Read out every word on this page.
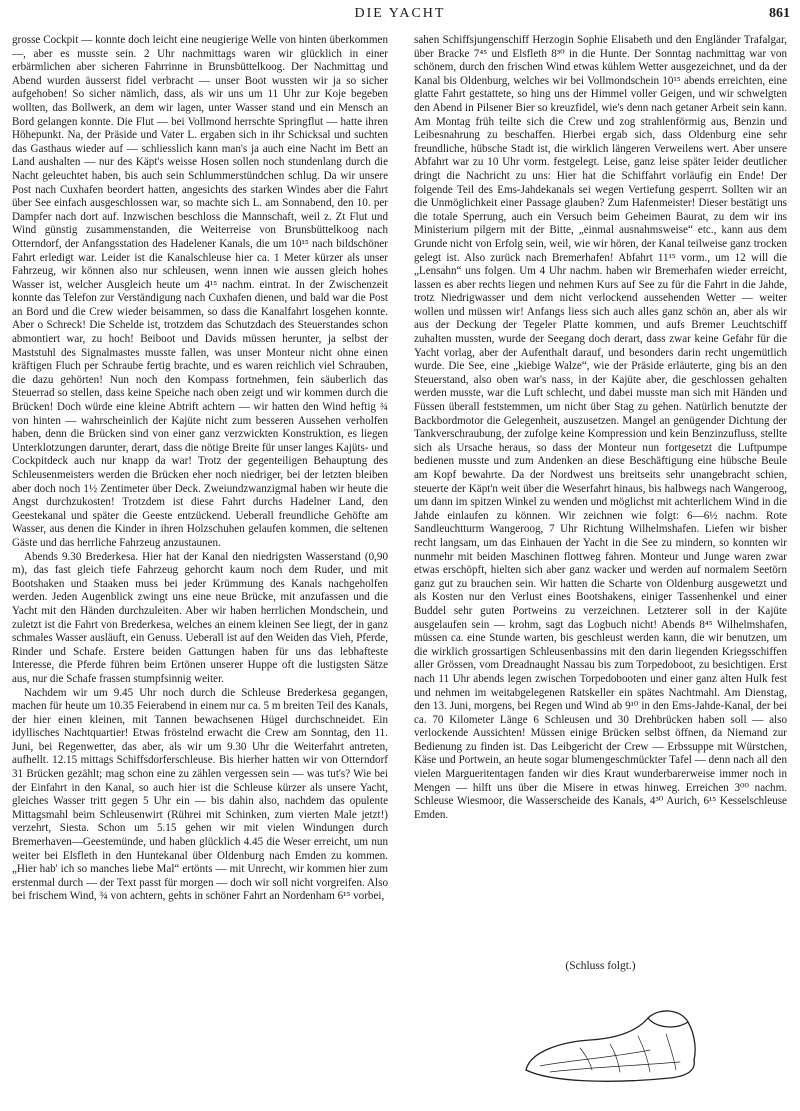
DIE YACHT	861

grosse Cockpit — konnte doch leicht eine neugierige Welle von hinten überkommen —, aber es musste sein. 2 Uhr nachmittags waren wir glücklich in einer erbärmlichen aber sicheren Fahrrinne in Brunsbüttelkoog. Der Nachmittag und Abend wurden äusserst fidel verbracht — unser Boot wussten wir ja so sicher aufgehoben! So sicher nämlich, dass, als wir uns um 11 Uhr zur Koje begeben wollten, das Bollwerk, an dem wir lagen, unter Wasser stand und ein Mensch an Bord gelangen konnte. Die Flut — bei Vollmond herrschte Springflut — hatte ihren Höhepunkt. Na, der Präside und Vater L. ergaben sich in ihr Schicksal und suchten das Gasthaus wieder auf — schliesslich kann man's ja auch eine Nacht im Bett an Land aushalten — nur des Käpt's weisse Hosen sollen noch stundenlang durch die Nacht geleuchtet haben, bis auch sein Schlummerstündchen schlug. Da wir unsere Post nach Cuxhafen beordert hatten, angesichts des starken Windes aber die Fahrt über See einfach ausgeschlossen war, so machte sich L. am Sonnabend, den 10. per Dampfer nach dort auf. Inzwischen beschloss die Mannschaft, weil z. Zt Flut und Wind günstig zusammenstanden, die Weiterreise von Brunsbüttelkoog nach Otterndorf, der Anfangsstation des Hadelener Kanals, die um 10¹⁵ nach bildschöner Fahrt erledigt war. Leider ist die Kanalschleuse hier ca. 1 Meter kürzer als unser Fahrzeug, wir können also nur schleusen, wenn innen wie aussen gleich hohes Wasser ist, welcher Ausgleich heute um 4¹⁵ nachm. eintrat. In der Zwischenzeit konnte das Telefon zur Verständigung nach Cuxhafen dienen, und bald war die Post an Bord und die Crew wieder beisammen, so dass die Kanalfahrt losgehen konnte. Aber o Schreck! Die Schelde ist, trotzdem das Schutzdach des Steuerstandes schon abmontiert war, zu hoch! Beiboot und Davids müssen herunter, ja selbst der Maststuhl des Signalmastes musste fallen, was unser Monteur nicht ohne einen kräftigen Fluch per Schraube fertig brachte, und es waren reichlich viel Schrauben, die dazu gehörten! Nun noch den Kompass fortnehmen, fein säuberlich das Steuerrad so stellen, dass keine Speiche nach oben zeigt und wir kommen durch die Brücken! Doch würde eine kleine Abtrift achtern — wir hatten den Wind heftig ¾ von hinten — wahrscheinlich der Kajüte nicht zum besseren Aussehen verholfen haben, denn die Brücken sind von einer ganz verzwickten Konstruktion, es liegen Unterklotzungen darunter, derart, dass die nötige Breite für unser langes Kajüts- und Cockpitdeck auch nur knapp da war! Trotz der gegenteiligen Behauptung des Schleusenmeisters werden die Brücken eher noch niedriger, bei der letzten bleiben aber doch noch 1½ Zentimeter über Deck. Zweiundzwanzigmal haben wir heute die Angst durchzukosten! Trotzdem ist diese Fahrt durchs Hadelner Land, den Geestekanal und später die Geeste entzückend. Ueberall freundliche Gehöfte am Wasser, aus denen die Kinder in ihren Holzschuhen gelaufen kommen, die seltenen Gäste und das herrliche Fahrzeug anzustaunen.

Abends 9.30 Brederkesa. Hier hat der Kanal den niedrigsten Wasserstand (0,90 m), das fast gleich tiefe Fahrzeug gehorcht kaum noch dem Ruder, und mit Bootshaken und Staaken muss bei jeder Krümmung des Kanals nachgeholfen werden. Jeden Augenblick zwingt uns eine neue Brücke, mit anzufassen und die Yacht mit den Händen durchzuleiten. Aber wir haben herrlichen Mondschein, und zuletzt ist die Fahrt von Brederkesa, welches an einem kleinen See liegt, der in ganz schmales Wasser ausläuft, ein Genuss. Ueberall ist auf den Weiden das Vieh, Pferde, Rinder und Schafe. Erstere beiden Gattungen haben für uns das lebhafteste Interesse, die Pferde führen beim Ertönen unserer Huppe oft die lustigsten Sätze aus, nur die Schafe frassen stumpfsinnig weiter.

Nachdem wir um 9.45 Uhr noch durch die Schleuse Brederkesa gegangen, machen für heute um 10.35 Feierabend in einem nur ca. 5 m breiten Teil des Kanals, der hier einen kleinen, mit Tannen bewachsenen Hügel durchschneidet. Ein idyllisches Nachtquartier! Etwas fröstelnd erwacht die Crew am Sonntag, den 11. Juni, bei Regenwetter, das aber, als wir um 9.30 Uhr die Weiterfahrt antreten, aufhellt. 12.15 mittags Schiffsdorferschleuse. Bis hierher hatten wir von Otterndorf 31 Brücken gezählt; mag schon eine zu zählen vergessen sein — was tut's? Wie bei der Einfahrt in den Kanal, so auch hier ist die Schleuse kürzer als unsere Yacht, gleiches Wasser tritt gegen 5 Uhr ein — bis dahin also, nachdem das opulente Mittagsmahl beim Schleusenwirt (Rührei mit Schinken, zum vierten Male jetzt!) verzehrt, Siesta. Schon um 5.15 gehen wir mit vielen Windungen durch Bremerhaven—Geestemünde, und haben glücklich 4.45 die Weser erreicht, um nun weiter bei Elsfleth in den Huntekanal über Oldenburg nach Emden zu kommen. „Hier hab' ich so manches liebe Mal“ ertönts — mit Unrecht, wir kommen hier zum erstenmal durch — der Text passt für morgen — doch wir soll nicht vorgreifen. Also bei frischem Wind, ¾ von achtern, gehts in schöner Fahrt an Nordenham 6¹⁵ vorbei,

sahen Schiffsjungenschiff Herzogin Sophie Elisabeth und den Engländer Trafalgar, über Bracke 7⁴⁵ und Elsfleth 8³⁰ in die Hunte. Der Sonntag nachmittag war von schönem, durch den frischen Wind etwas kühlem Wetter ausgezeichnet, und da der Kanal bis Oldenburg, welches wir bei Vollmondschein 10¹⁵ abends erreichten, eine glatte Fahrt gestattete, so hing uns der Himmel voller Geigen, und wir schwelgten den Abend in Pilsener Bier so kreuzfidel, wie's denn nach getaner Arbeit sein kann. Am Montag früh teilte sich die Crew und zog strahlenförmig aus, Benzin und Leibesnahrung zu beschaffen. Hierbei ergab sich, dass Oldenburg eine sehr freundliche, hübsche Stadt ist, die wirklich längeren Verweilens wert. Aber unsere Abfahrt war zu 10 Uhr vorm. festgelegt. Leise, ganz leise später leider deutlicher dringt die Nachricht zu uns: Hier hat die Schiffahrt vorläufig ein Ende! Der folgende Teil des Ems-Jahdekanals sei wegen Vertiefung gesperrt. Sollten wir an die Unmöglichkeit einer Passage glauben? Zum Hafenmeister! Dieser bestätigt uns die totale Sperrung, auch ein Versuch beim Geheimen Baurat, zu dem wir ins Ministerium pilgern mit der Bitte, „einmal ausnahmsweise“ etc., kann aus dem Grunde nicht von Erfolg sein, weil, wie wir hören, der Kanal teilweise ganz trocken gelegt ist. Also zurück nach Bremerhafen! Abfahrt 11¹⁵ vorm., um 12 will die „Lensahn“ uns folgen. Um 4 Uhr nachm. haben wir Bremerhafen wieder erreicht, lassen es aber rechts liegen und nehmen Kurs auf See zu für die Fahrt in die Jahde, trotz Niedrigwasser und dem nicht verlockend aussehenden Wetter — weiter wollen und müssen wir! Anfangs liess sich auch alles ganz schön an, aber als wir aus der Deckung der Tegeler Platte kommen, und aufs Bremer Leuchtschiff zuhalten mussten, wurde der Seegang doch derart, dass zwar keine Gefahr für die Yacht vorlag, aber der Aufenthalt darauf, und besonders darin recht ungemütlich wurde. Die See, eine „kiebige Walze“, wie der Präside erläuterte, ging bis an den Steuerstand, also oben war's nass, in der Kajüte aber, die geschlossen gehalten werden musste, war die Luft schlecht, und dabei musste man sich mit Händen und Füssen überall feststemmen, um nicht über Stag zu gehen. Natürlich benutzte der Backbordmotor die Gelegenheit, auszusetzen. Mangel an genügender Dichtung der Tankverschraubung, der zufolge keine Kompression und kein Benzinzufluss, stellte sich als Ursache heraus, so dass der Monteur nun fortgesetzt die Luftpumpe bedienen musste und zum Andenken an diese Beschäftigung eine hübsche Beule am Kopf bewahrte. Da der Nordwest uns breitseits sehr unangebracht schien, steuerte der Käpt'n weit über die Weserfahrt hinaus, bis halbwegs nach Wangeroog, um dann im spitzen Winkel zu wenden und möglichst mit achterlichem Wind in die Jahde einlaufen zu können. Wir zeichnen wie folgt: 6—6½ nachm. Rote Sandleuchtturm Wangeroog, 7 Uhr Richtung Wilhelmshafen. Liefen wir bisher recht langsam, um das Einhauen der Yacht in die See zu mindern, so konnten wir nunmehr mit beiden Maschinen flottweg fahren. Monteur und Junge waren zwar etwas erschöpft, hielten sich aber ganz wacker und werden auf normalem Seetörn ganz gut zu brauchen sein. Wir hatten die Scharte von Oldenburg ausgewetzt und als Kosten nur den Verlust eines Bootshakens, einiger Tassenhenkel und einer Buddel sehr guten Portweins zu verzeichnen. Letzterer soll in der Kajüte ausgelaufen sein — krohm, sagt das Logbuch nicht! Abends 8⁴⁵ Wilhelmshafen, müssen ca. eine Stunde warten, bis geschleust werden kann, die wir benutzen, um die wirklich grossartigen Schleusenbassins mit den darin liegenden Kriegsschiffen aller Grössen, vom Dreadnaught Nassau bis zum Torpedoboot, zu besichtigen. Erst nach 11 Uhr abends legen zwischen Torpedobooten und einer ganz alten Hulk fest und nehmen im weitabgelegenen Ratskeller ein spätes Nachtmahl. Am Dienstag, den 13. Juni, morgens, bei Regen und Wind ab 9¹⁰ in den Ems-Jahde-Kanal, der bei ca. 70 Kilometer Länge 6 Schleusen und 30 Drehbrücken haben soll — also verlockende Aussichten! Müssen einige Brücken selbst öffnen, da Niemand zur Bedienung zu finden ist. Das Leibgericht der Crew — Erbssuppe mit Würstchen, Käse und Portwein, an heute sogar blumengeschmückter Tafel — denn nach all den vielen Margueritentagen fanden wir dies Kraut wunderbarerweise immer noch in Mengen — hilft uns über die Misere in etwas hinweg. Erreichen 3⁰⁰ nachm. Schleuse Wiesmoor, die Wasserscheide des Kanals, 4³⁰ Aurich, 6¹⁵ Kesselschleuse Emden.

(Schluss folgt.)
